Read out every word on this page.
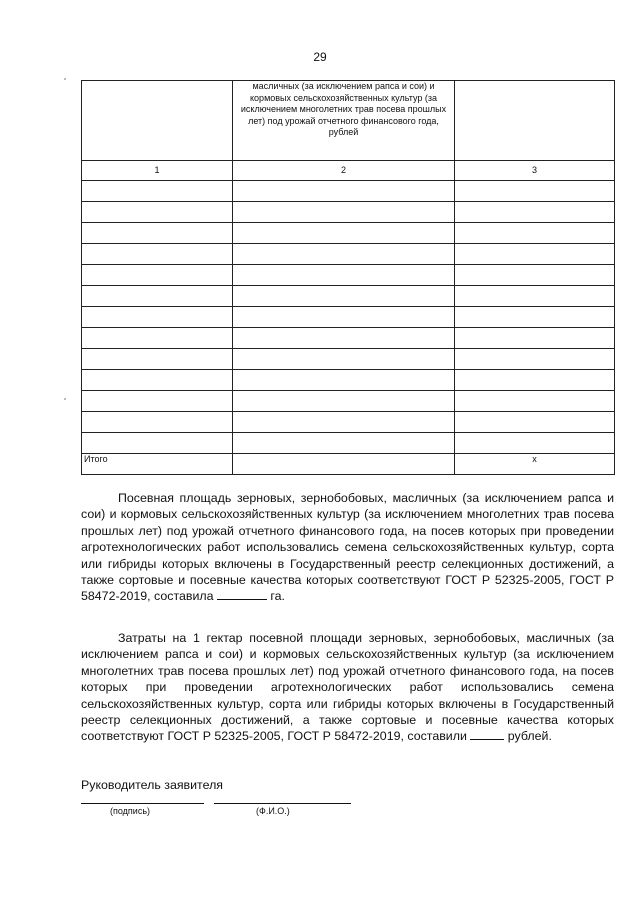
29
	масличных (за исключением рапса и сои) и кормовых сельскохозяйственных культур (за исключением многолетних трав посева прошлых лет) под урожай отчетного финансового года, рублей	
1	2	3

Итого		х

Посевная площадь зерновых, зернобобовых, масличных (за исключением рапса и сои) и кормовых сельскохозяйственных культур (за исключением многолетних трав посева прошлых лет) под урожай отчетного финансового года, на посев которых при проведении агротехнологических работ использовались семена сельскохозяйственных культур, сорта или гибриды которых включены в Государственный реестр селекционных достижений, а также сортовые и посевные качества которых соответствуют ГОСТ Р 52325-2005, ГОСТ Р 58472-2019, составила	га.

Затраты на 1 гектар посевной площади зерновых, зернобобовых, масличных (за исключением рапса и сои) и кормовых сельскохозяйственных культур (за исключением многолетних трав посева прошлых лет) под урожай отчетного финансового года, на посев которых при проведении агротехнологических работ использовались семена сельскохозяйственных культур, сорта или гибриды которых включены в Государственный реестр селекционных достижений, а также сортовые и посевные качества которых соответствуют ГОСТ Р 52325-2005, ГОСТ Р 58472-2019, составили	рублей.

Руководитель заявителя
(подпись)	(Ф.И.О.)
